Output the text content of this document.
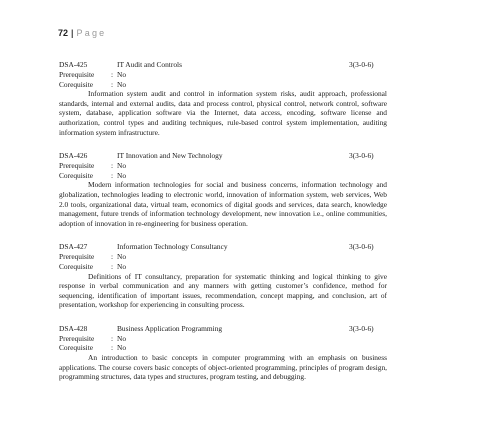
72 | Page
DSA-425	IT Audit and Controls	3(3-0-6)
Prerequisite	: No
Corequisite	: No

Information system audit and control in information system risks, audit approach, professional standards, internal and external audits, data and process control, physical control, network control, software system, database, application software via the Internet, data access, encoding, software license and authorization, control types and auditing techniques, rule-based control system implementation, auditing information system infrastructure.

DSA-426	IT Innovation and New Technology	3(3-0-6)
Prerequisite	: No
Corequisite	: No

Modern information technologies for social and business concerns, information technology and globalization, technologies leading to electronic world, innovation of information system, web services, Web 2.0 tools, organizational data, virtual team, economics of digital goods and services, data search, knowledge management, future trends of information technology development, new innovation i.e., online communities, adoption of innovation in re-engineering for business operation.

DSA-427	Information Technology Consultancy	3(3-0-6)
Prerequisite	: No
Corequisite	: No

Definitions of IT consultancy, preparation for systematic thinking and logical thinking to give response in verbal communication and any manners with getting customer’s confidence, method for sequencing, identification of important issues, recommendation, concept mapping, and conclusion, art of presentation, workshop for experiencing in consulting process.

DSA-428	Business Application Programming	3(3-0-6)
Prerequisite	: No
Corequisite	: No

An introduction to basic concepts in computer programming with an emphasis on business applications. The course covers basic concepts of object-oriented programming, principles of program design, programming structures, data types and structures, program testing, and debugging.
